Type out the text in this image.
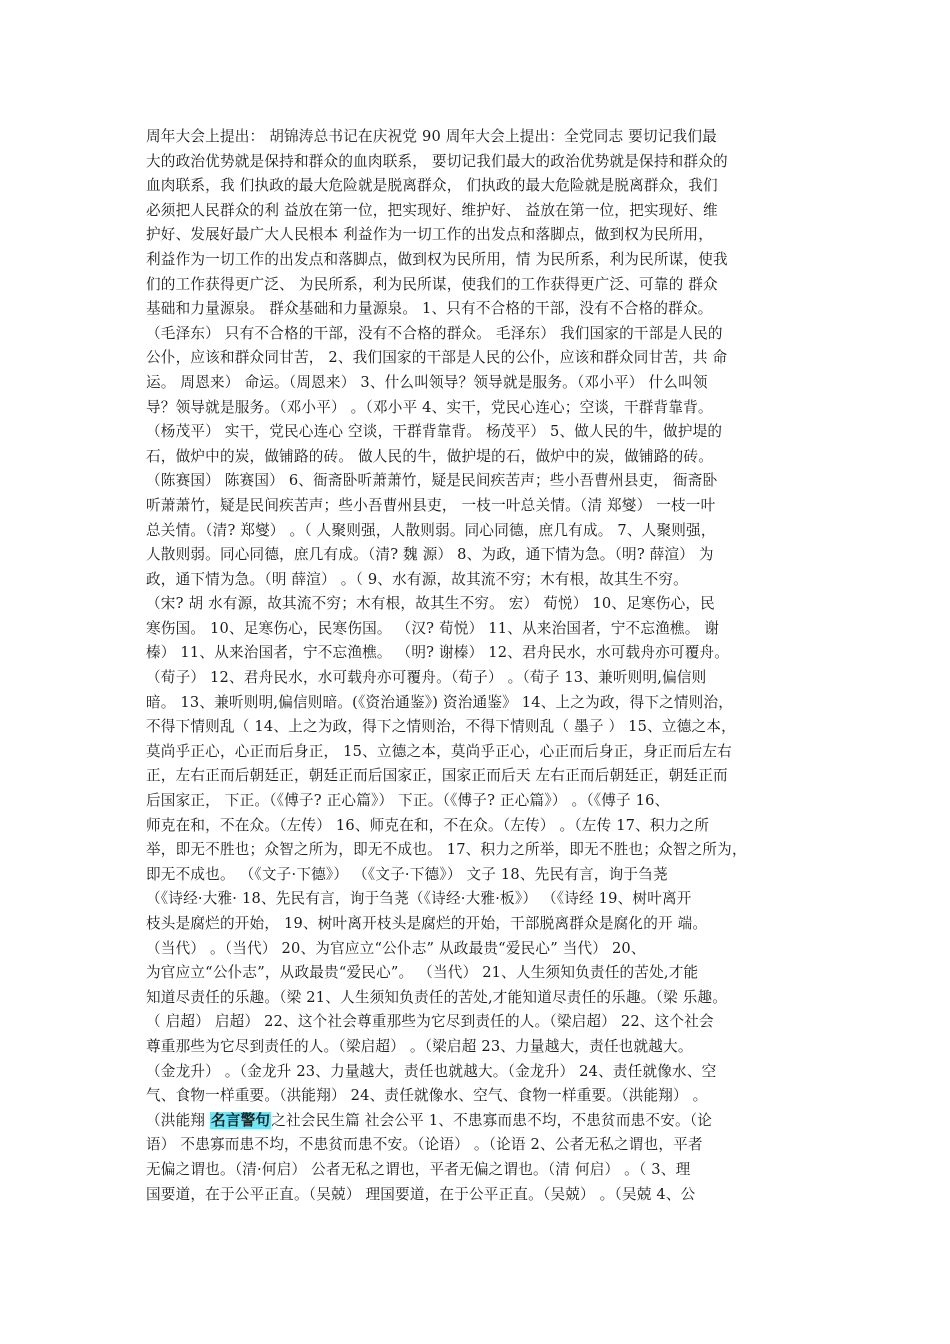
周年大会上提出： 胡锦涛总书记在庆祝党 90 周年大会上提出：全党同志 要切记我们最
大的政治优势就是保持和群众的血肉联系， 要切记我们最大的政治优势就是保持和群众的
血肉联系，我 们执政的最大危险就是脱离群众， 们执政的最大危险就是脱离群众，我们
必须把人民群众的利 益放在第一位，把实现好、维护好、 益放在第一位，把实现好、维
护好、发展好最广大人民根本 利益作为一切工作的出发点和落脚点，做到权为民所用，
利益作为一切工作的出发点和落脚点，做到权为民所用，情 为民所系，利为民所谋，使我
们的工作获得更广泛、 为民所系，利为民所谋，使我们的工作获得更广泛、可靠的 群众
基础和力量源泉。 群众基础和力量源泉。 1、只有不合格的干部，没有不合格的群众。
（毛泽东） 只有不合格的干部，没有不合格的群众。 毛泽东） 我们国家的干部是人民的
公仆，应该和群众同甘苦， 2、我们国家的干部是人民的公仆，应该和群众同甘苦，共 命
运。 周恩来） 命运。（周恩来） 3、什么叫领导？领导就是服务。（邓小平） 什么叫领
导？领导就是服务。（邓小平） 。（邓小平 4、实干，党民心连心；空谈，干群背靠背。
（杨茂平） 实干，党民心连心 空谈，干群背靠背。 杨茂平） 5、做人民的牛，做护堤的
石，做炉中的炭，做铺路的砖。 做人民的牛，做护堤的石，做炉中的炭，做铺路的砖。
（陈赛国） 陈赛国） 6、衙斋卧听萧萧竹，疑是民间疾苦声；些小吾曹州县吏， 衙斋卧
听萧萧竹，疑是民间疾苦声；些小吾曹州县吏， 一枝一叶总关情。（清 郑燮） 一枝一叶
总关情。（清? 郑燮） 。（ 人聚则强，人散则弱。同心同德，庶几有成。 7、人聚则强，
人散则弱。同心同德，庶几有成。（清? 魏 源） 8、为政，通下情为急。（明? 薛渲） 为
政，通下情为急。（明 薛渲） 。（ 9、水有源，故其流不穷；木有根，故其生不穷。
（宋? 胡 水有源，故其流不穷；木有根，故其生不穷。 宏） 荀悦） 10、足寒伤心，民
寒伤国。 10、足寒伤心，民寒伤国。 （汉? 荀悦） 11、从来治国者，宁不忘渔樵。 谢
榛） 11、从来治国者，宁不忘渔樵。 （明? 谢榛） 12、君舟民水，水可载舟亦可覆舟。
（荀子） 12、君舟民水，水可载舟亦可覆舟。（荀子） 。（荀子 13、兼听则明,偏信则
暗。 13、兼听则明,偏信则暗。(《资治通鉴》) 资治通鉴》 14、上之为政，得下之情则治，
不得下情则乱（ 14、上之为政，得下之情则治，不得下情则乱（ 墨子 ） 15、立德之本，
莫尚乎正心，心正而后身正， 15、立德之本，莫尚乎正心，心正而后身正，身正而后左右
正，左右正而后朝廷正，朝廷正而后国家正，国家正而后天 左右正而后朝廷正，朝廷正而
后国家正， 下正。（《傅子? 正心篇》） 下正。（《傅子? 正心篇》） 。（《傅子 16、
师克在和，不在众。（左传） 16、师克在和，不在众。（左传） 。（左传 17、积力之所
举，即无不胜也；众智之所为，即无不成也。 17、积力之所举，即无不胜也；众智之所为，
即无不成也。 （《文子·下德》） （《文子·下德》） 文子 18、先民有言，询于刍荛
（《诗经·大雅· 18、先民有言，询于刍荛（《诗经·大雅·板》） （《诗经 19、树叶离开
枝头是腐烂的开始， 19、树叶离开枝头是腐烂的开始，干部脱离群众是腐化的开 端。
（当代） 。（当代） 20、为官应立“公仆志” 从政最贵“爱民心” 当代） 20、
为官应立“公仆志”，从政最贵“爱民心”。 （当代） 21、人生须知负责任的苦处,才能
知道尽责任的乐趣。（梁 21、人生须知负责任的苦处,才能知道尽责任的乐趣。（梁 乐趣。
（ 启超） 启超） 22、这个社会尊重那些为它尽到责任的人。（梁启超） 22、这个社会
尊重那些为它尽到责任的人。（梁启超） 。（梁启超 23、力量越大，责任也就越大。
（金龙升） 。（金龙升 23、力量越大，责任也就越大。（金龙升） 24、责任就像水、空
气、食物一样重要。（洪能翔） 24、责任就像水、空气、食物一样重要。（洪能翔） 。
（洪能翔 名言警句之社会民生篇 社会公平 1、不患寡而患不均，不患贫而患不安。（论
语） 不患寡而患不均，不患贫而患不安。（论语） 。（论语 2、公者无私之谓也，平者
无偏之谓也。（清·何启） 公者无私之谓也，平者无偏之谓也。（清 何启） 。（ 3、理
国要道，在于公平正直。（吴兢） 理国要道，在于公平正直。（吴兢） 。（吴兢 4、公
